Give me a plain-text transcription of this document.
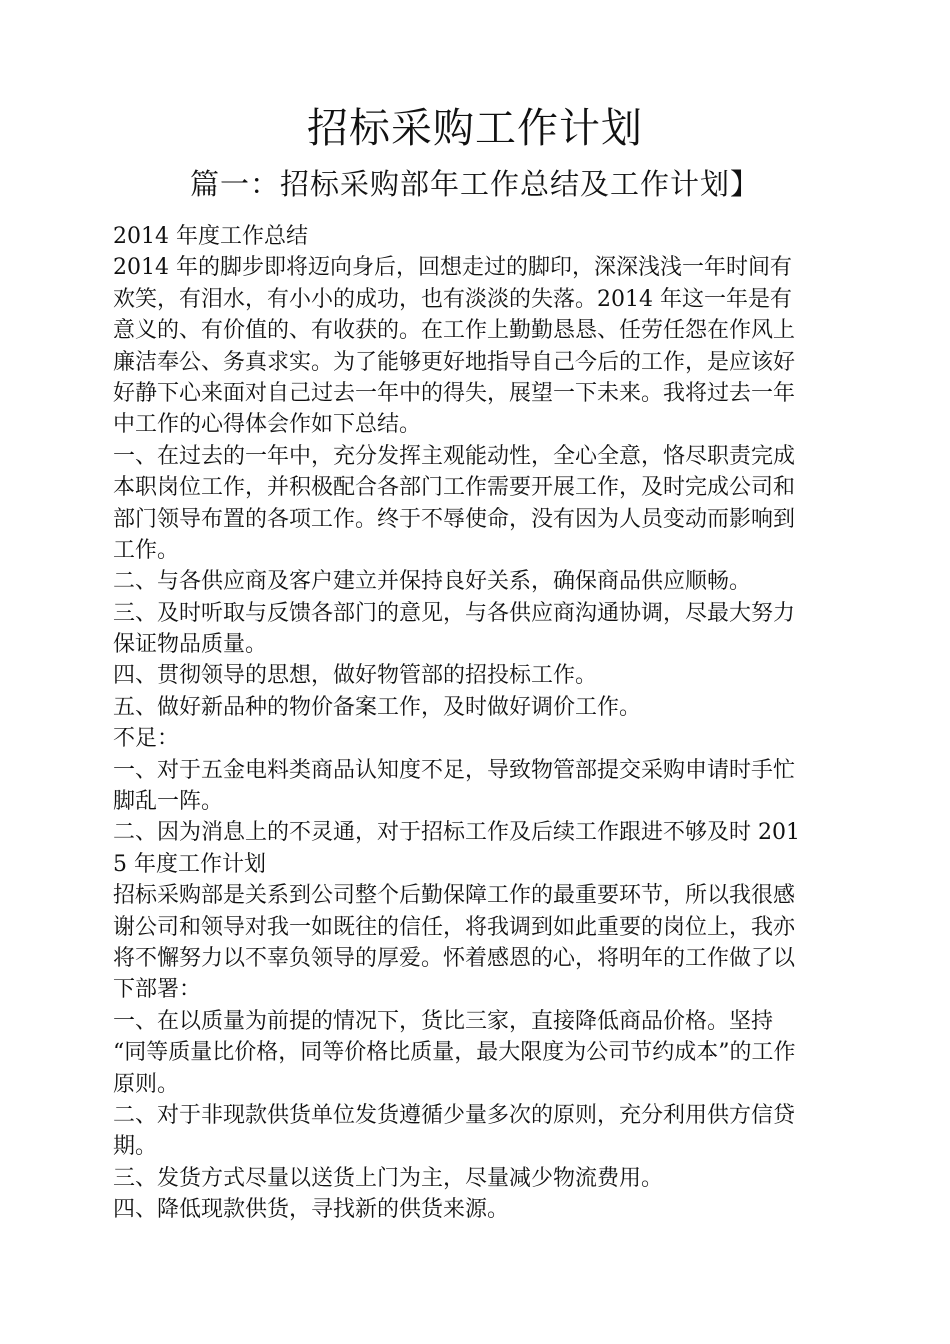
招标采购工作计划
篇一：招标采购部年工作总结及工作计划】
2014 年度工作总结
2014 年的脚步即将迈向身后，回想走过的脚印，深深浅浅一年时间有
欢笑，有泪水，有小小的成功，也有淡淡的失落。2014 年这一年是有
意义的、有价值的、有收获的。在工作上勤勤恳恳、任劳任怨在作风上
廉洁奉公、务真求实。为了能够更好地指导自己今后的工作，是应该好
好静下心来面对自己过去一年中的得失，展望一下未来。我将过去一年
中工作的心得体会作如下总结。
一、在过去的一年中，充分发挥主观能动性，全心全意，恪尽职责完成
本职岗位工作，并积极配合各部门工作需要开展工作，及时完成公司和
部门领导布置的各项工作。终于不辱使命，没有因为人员变动而影响到
工作。
二、与各供应商及客户建立并保持良好关系，确保商品供应顺畅。
三、及时听取与反馈各部门的意见，与各供应商沟通协调，尽最大努力
保证物品质量。
四、贯彻领导的思想，做好物管部的招投标工作。
五、做好新品种的物价备案工作，及时做好调价工作。
不足：
一、对于五金电料类商品认知度不足，导致物管部提交采购申请时手忙
脚乱一阵。
二、因为消息上的不灵通，对于招标工作及后续工作跟进不够及时 201
5 年度工作计划
招标采购部是关系到公司整个后勤保障工作的最重要环节，所以我很感
谢公司和领导对我一如既往的信任，将我调到如此重要的岗位上，我亦
将不懈努力以不辜负领导的厚爱。怀着感恩的心，将明年的工作做了以
下部署：
一、在以质量为前提的情况下，货比三家，直接降低商品价格。坚持
“同等质量比价格，同等价格比质量，最大限度为公司节约成本”的工作
原则。
二、对于非现款供货单位发货遵循少量多次的原则，充分利用供方信贷
期。
三、发货方式尽量以送货上门为主，尽量减少物流费用。
四、降低现款供货，寻找新的供货来源。
